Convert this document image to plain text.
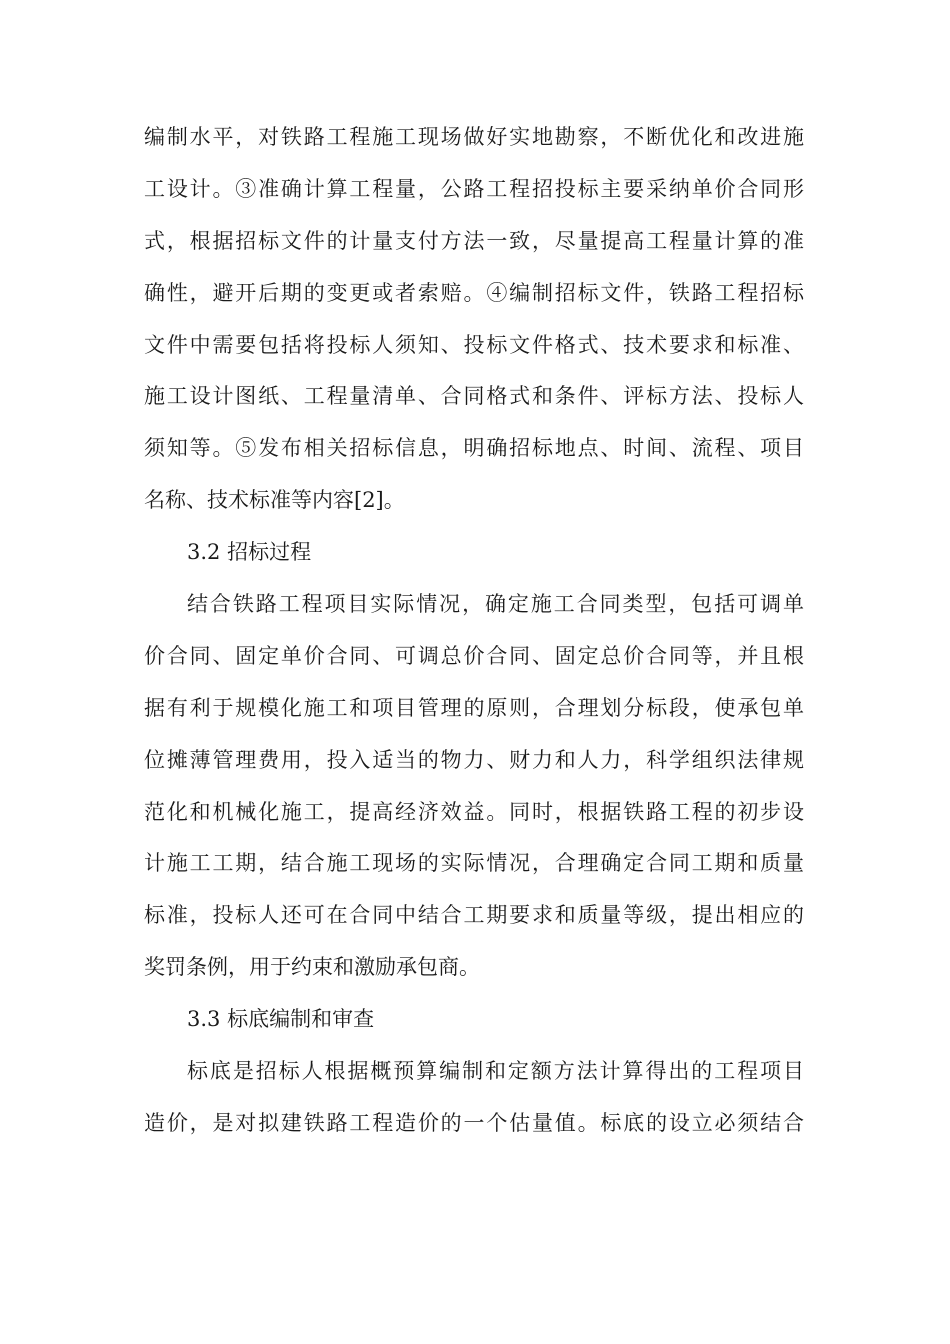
编制水平，对铁路工程施工现场做好实地勘察，不断优化和改进施
工设计。③准确计算工程量，公路工程招投标主要采纳单价合同形
式，根据招标文件的计量支付方法一致，尽量提高工程量计算的准
确性，避开后期的变更或者索赔。④编制招标文件，铁路工程招标
文件中需要包括将投标人须知、投标文件格式、技术要求和标准、
施工设计图纸、工程量清单、合同格式和条件、评标方法、投标人
须知等。⑤发布相关招标信息，明确招标地点、时间、流程、项目
名称、技术标准等内容[2]。
3.2 招标过程
结合铁路工程项目实际情况，确定施工合同类型，包括可调单
价合同、固定单价合同、可调总价合同、固定总价合同等，并且根
据有利于规模化施工和项目管理的原则，合理划分标段，使承包单
位摊薄管理费用，投入适当的物力、财力和人力，科学组织法律规
范化和机械化施工，提高经济效益。同时，根据铁路工程的初步设
计施工工期，结合施工现场的实际情况，合理确定合同工期和质量
标准，投标人还可在合同中结合工期要求和质量等级，提出相应的
奖罚条例，用于约束和激励承包商。
3.3 标底编制和审查
标底是招标人根据概预算编制和定额方法计算得出的工程项目
造价，是对拟建铁路工程造价的一个估量值。标底的设立必须结合
